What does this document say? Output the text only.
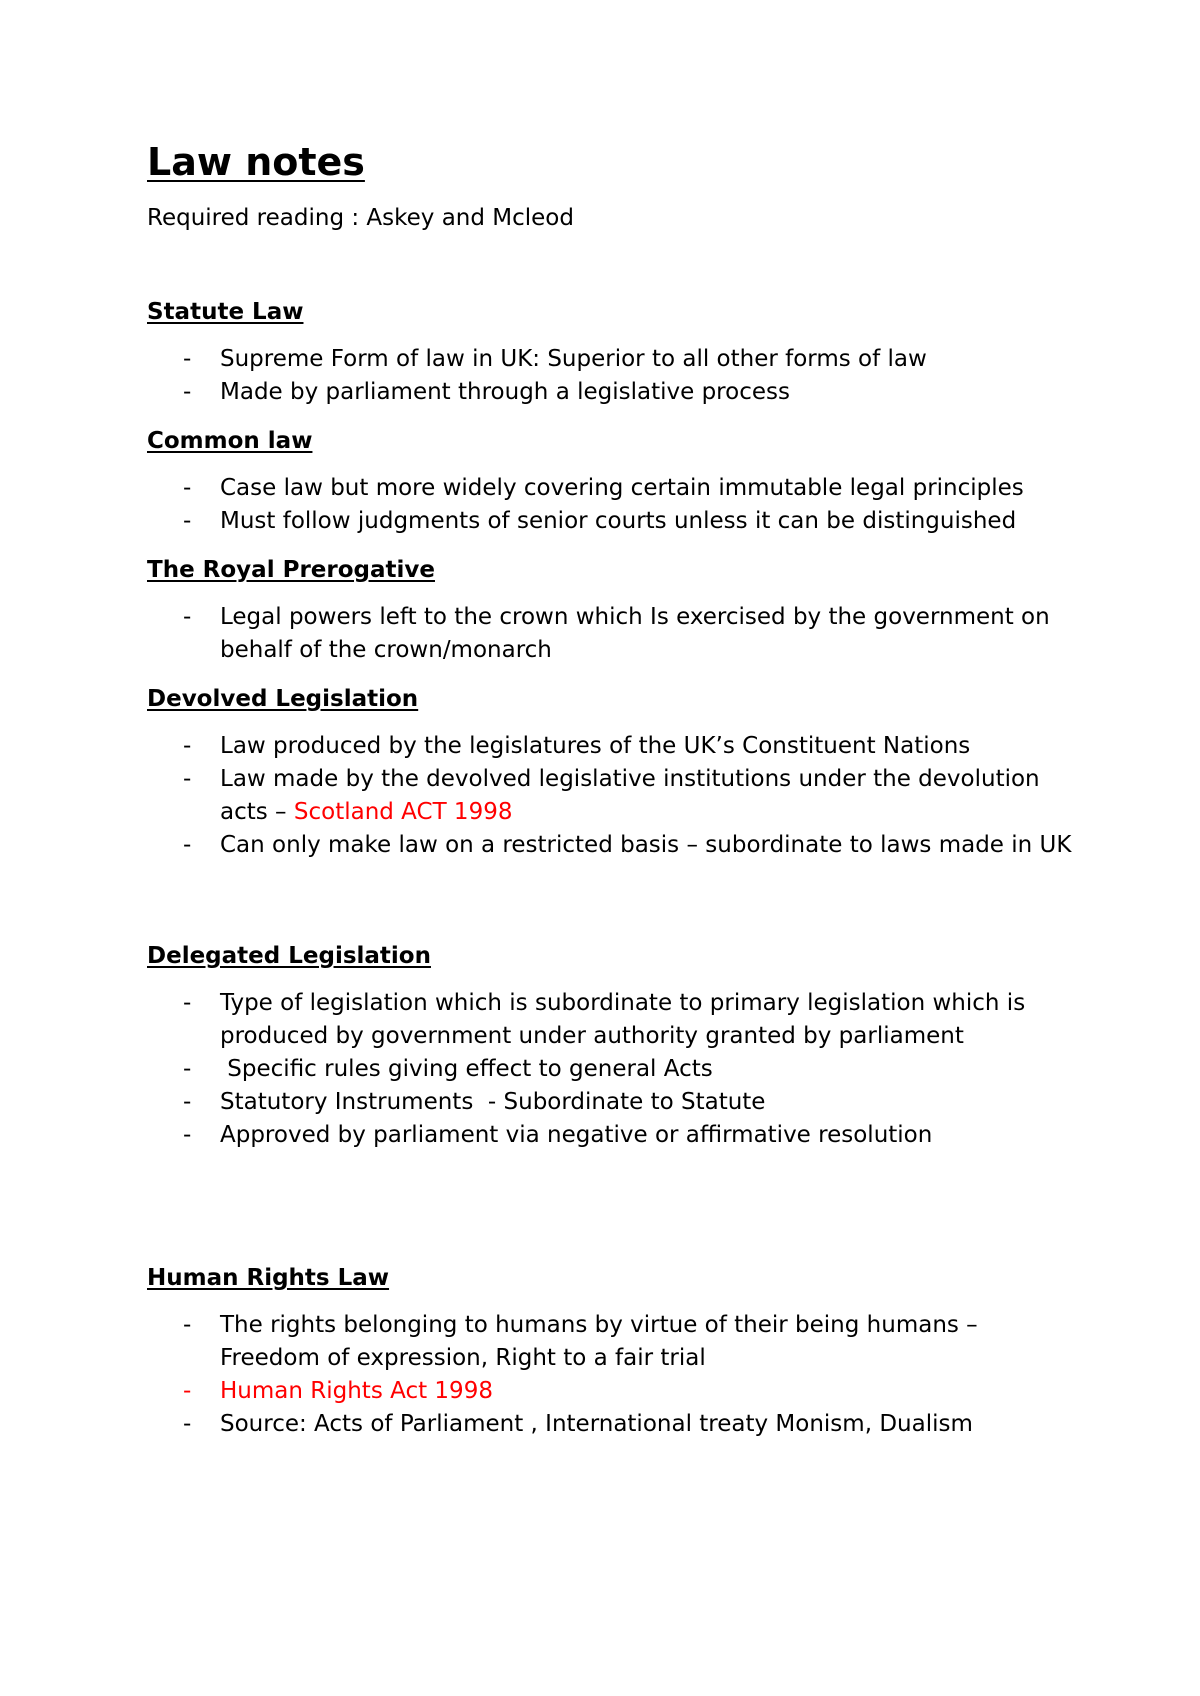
Law notes

Required reading : Askey and Mcleod

Statute Law
- Supreme Form of law in UK: Superior to all other forms of law
- Made by parliament through a legislative process
Common law
- Case law but more widely covering certain immutable legal principles
- Must follow judgments of senior courts unless it can be distinguished
The Royal Prerogative
- Legal powers left to the crown which Is exercised by the government on behalf of the crown/monarch
Devolved Legislation
- Law produced by the legislatures of the UK’s Constituent Nations
- Law made by the devolved legislative institutions under the devolution acts – Scotland ACT 1998
- Can only make law on a restricted basis – subordinate to laws made in UK
Delegated Legislation
- Type of legislation which is subordinate to primary legislation which is produced by government under authority granted by parliament
- Specific rules giving effect to general Acts
- Statutory Instruments  - Subordinate to Statute
- Approved by parliament via negative or affirmative resolution
Human Rights Law
- The rights belonging to humans by virtue of their being humans – Freedom of expression, Right to a fair trial
- Human Rights Act 1998
- Source: Acts of Parliament , International treaty Monism, Dualism
